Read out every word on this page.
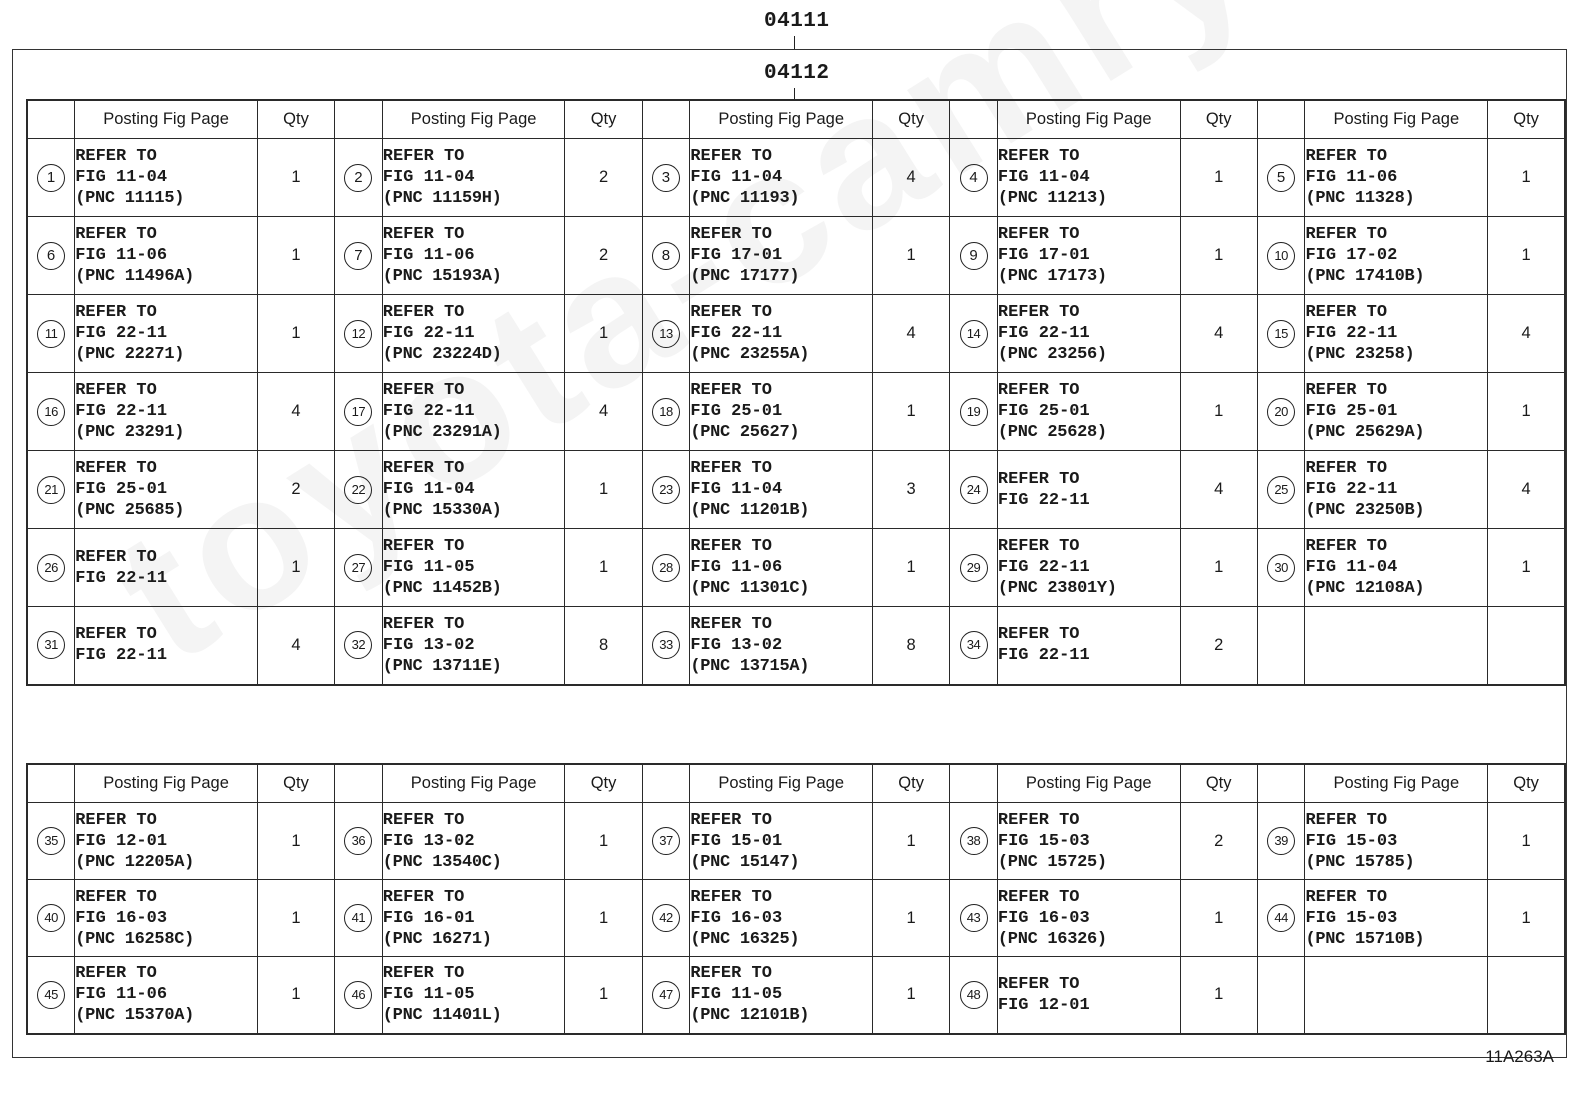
04111
04112
	Posting Fig Page	Qty		Posting Fig Page	Qty		Posting Fig Page	Qty		Posting Fig Page	Qty		Posting Fig Page	Qty
1	REFER TO
FIG 11-04
(PNC 11115)	1	2	REFER TO
FIG 11-04
(PNC 11159H)	2	3	REFER TO
FIG 11-04
(PNC 11193)	4	4	REFER TO
FIG 11-04
(PNC 11213)	1	5	REFER TO
FIG 11-06
(PNC 11328)	1
6	REFER TO
FIG 11-06
(PNC 11496A)	1	7	REFER TO
FIG 11-06
(PNC 15193A)	2	8	REFER TO
FIG 17-01
(PNC 17177)	1	9	REFER TO
FIG 17-01
(PNC 17173)	1	10	REFER TO
FIG 17-02
(PNC 17410B)	1
11	REFER TO
FIG 22-11
(PNC 22271)	1	12	REFER TO
FIG 22-11
(PNC 23224D)	1	13	REFER TO
FIG 22-11
(PNC 23255A)	4	14	REFER TO
FIG 22-11
(PNC 23256)	4	15	REFER TO
FIG 22-11
(PNC 23258)	4
16	REFER TO
FIG 22-11
(PNC 23291)	4	17	REFER TO
FIG 22-11
(PNC 23291A)	4	18	REFER TO
FIG 25-01
(PNC 25627)	1	19	REFER TO
FIG 25-01
(PNC 25628)	1	20	REFER TO
FIG 25-01
(PNC 25629A)	1
21	REFER TO
FIG 25-01
(PNC 25685)	2	22	REFER TO
FIG 11-04
(PNC 15330A)	1	23	REFER TO
FIG 11-04
(PNC 11201B)	3	24	REFER TO
FIG 22-11	4	25	REFER TO
FIG 22-11
(PNC 23250B)	4
26	REFER TO
FIG 22-11	1	27	REFER TO
FIG 11-05
(PNC 11452B)	1	28	REFER TO
FIG 11-06
(PNC 11301C)	1	29	REFER TO
FIG 22-11
(PNC 23801Y)	1	30	REFER TO
FIG 11-04
(PNC 12108A)	1
31	REFER TO
FIG 22-11	4	32	REFER TO
FIG 13-02
(PNC 13711E)	8	33	REFER TO
FIG 13-02
(PNC 13715A)	8	34	REFER TO
FIG 22-11	2			
	Posting Fig Page	Qty		Posting Fig Page	Qty		Posting Fig Page	Qty		Posting Fig Page	Qty		Posting Fig Page	Qty
35	REFER TO
FIG 12-01
(PNC 12205A)	1	36	REFER TO
FIG 13-02
(PNC 13540C)	1	37	REFER TO
FIG 15-01
(PNC 15147)	1	38	REFER TO
FIG 15-03
(PNC 15725)	2	39	REFER TO
FIG 15-03
(PNC 15785)	1
40	REFER TO
FIG 16-03
(PNC 16258C)	1	41	REFER TO
FIG 16-01
(PNC 16271)	1	42	REFER TO
FIG 16-03
(PNC 16325)	1	43	REFER TO
FIG 16-03
(PNC 16326)	1	44	REFER TO
FIG 15-03
(PNC 15710B)	1
45	REFER TO
FIG 11-06
(PNC 15370A)	1	46	REFER TO
FIG 11-05
(PNC 11401L)	1	47	REFER TO
FIG 11-05
(PNC 12101B)	1	48	REFER TO
FIG 12-01	1			
11A263A
